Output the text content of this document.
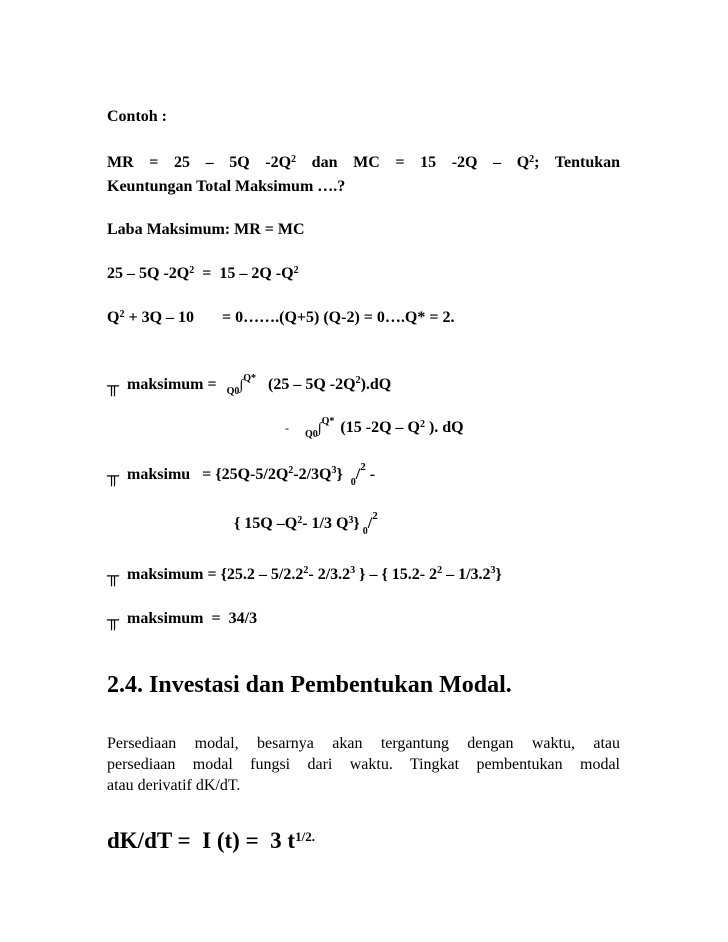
Contoh :
MR = 25 – 5Q $-2Q^2$ dan MC = 15 $-2Q - Q^2$; Tentukan
Keuntungan Total Maksimum ….?
Laba Maksimum: MR = MC
25 – 5Q $-2Q^2 = 15 - 2Q$ $-Q^2$
$Q^2 + 3Q - 10$ = 0…….(Q+5) (Q-2) = 0….Q* = 2.
╥ maksimum = $_{Q0}$∫$^{Q*}$ (25 – 5Q $-2Q^2).dQ$
- $_{Q0}$∫$^{Q*}$ (15 $-2Q - Q^2$ ). dQ
╥ maksimu = $\{25Q-5/2Q^2-2/3Q^3\}$ $_0$/$^2$ -
{ 15Q $-Q^2-$ 1/3 $Q^3$} $_0$/$^2$
╥ maksimum = {$25.2 - 5/2.2^2-$ $2/3.2^3$ } – { 15.2- $2^2 - 1/3.2^3$}
╥ maksimum  =  34/3
2.4. Investasi dan Pembentukan Modal.
Persediaan modal, besarnya akan tergantung dengan waktu, atau
persediaan modal fungsi dari waktu. Tingkat pembentukan modal
atau derivatif dK/dT.
dK/dT =  I (t) =  3 $t^{1/2.}$
